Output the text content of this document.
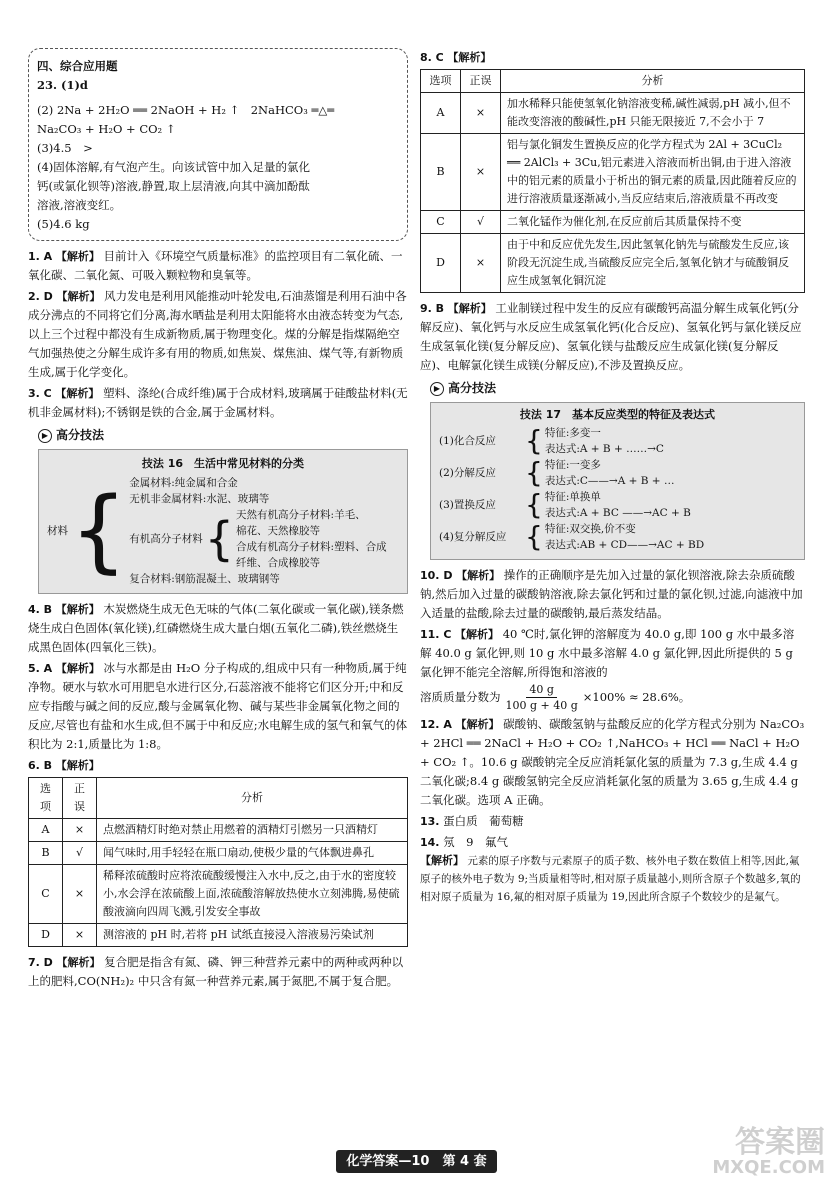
四、综合应用题

23. (1)d

(2) 2Na + 2H₂O ══ 2NaOH + H₂ ↑　2NaHCO₃ ═△═

Na₂CO₃ + H₂O + CO₂ ↑

(3)4.5　>

(4)固体溶解,有气泡产生。向该试管中加入足量的氯化

钙(或氯化钡等)溶液,静置,取上层清液,向其中滴加酚酞

溶液,溶液变红。

(5)4.6 kg

1. A 【解析】 目前计入《环境空气质量标准》的监控项目有二氧化硫、一氧化碳、二氧化氮、可吸入颗粒物和臭氧等。

2. D 【解析】 风力发电是利用风能推动叶轮发电,石油蒸馏是利用石油中各成分沸点的不同将它们分离,海水晒盐是利用太阳能将水由液态转变为气态,以上三个过程中都没有生成新物质,属于物理变化。煤的分解是指煤隔绝空气加强热使之分解生成许多有用的物质,如焦炭、煤焦油、煤气等,有新物质生成,属于化学变化。

3. C 【解析】 塑料、涤纶(合成纤维)属于合成材料,玻璃属于硅酸盐材料(无机非金属材料);不锈钢是铁的合金,属于金属材料。

▶ 高分技法
技法 16　生活中常见材料的分类
材料 { 金属材料:纯金属和合金

无机非金属材料:水泥、玻璃等

有机高分子材料 { 天然有机高分子材料:羊毛、

棉花、天然橡胶等

合成有机高分子材料:塑料、合成

纤维、合成橡胶等

复合材料:钢筋混凝土、玻璃钢等

4. B 【解析】 木炭燃烧生成无色无味的气体(二氧化碳或一氧化碳),镁条燃烧生成白色固体(氧化镁),红磷燃烧生成大量白烟(五氧化二磷),铁丝燃烧生成黑色固体(四氧化三铁)。

5. A 【解析】 冰与水都是由 H₂O 分子构成的,组成中只有一种物质,属于纯净物。硬水与软水可用肥皂水进行区分,石蕊溶液不能将它们区分开;中和反应专指酸与碱之间的反应,酸与金属氧化物、碱与某些非金属氧化物之间的反应,尽管也有盐和水生成,但不属于中和反应;水电解生成的氢气和氧气的体积比为 2:1,质量比为 1:8。

6. B 【解析】

选项	正误	分析
A	×	点燃酒精灯时绝对禁止用燃着的酒精灯引燃另一只酒精灯
B	√	闻气味时,用手轻轻在瓶口扇动,使极少量的气体飘进鼻孔
C	×	稀释浓硫酸时应将浓硫酸缓慢注入水中,反之,由于水的密度较小,水会浮在浓硫酸上面,浓硫酸溶解放热使水立刻沸腾,易使硫酸液滴向四周飞溅,引发安全事故
D	×	测溶液的 pH 时,若将 pH 试纸直接浸入溶液易污染试剂

7. D 【解析】 复合肥是指含有氮、磷、钾三种营养元素中的两种或两种以上的肥料,CO(NH₂)₂ 中只含有氮一种营养元素,属于氮肥,不属于复合肥。

8. C 【解析】

选项	正误	分析
A	×	加水稀释只能使氢氧化钠溶液变稀,碱性减弱,pH 减小,但不能改变溶液的酸碱性,pH 只能无限接近 7,不会小于 7
B	×	铝与氯化铜发生置换反应的化学方程式为 2Al + 3CuCl₂ ══ 2AlCl₃ + 3Cu,铝元素进入溶液而析出铜,由于进入溶液中的铝元素的质量小于析出的铜元素的质量,因此随着反应的进行溶液质量逐渐减小,当反应结束后,溶液质量不再改变
C	√	二氧化锰作为催化剂,在反应前后其质量保持不变
D	×	由于中和反应优先发生,因此氢氧化钠先与硫酸发生反应,该阶段无沉淀生成,当硫酸反应完全后,氢氧化钠才与硫酸铜反应生成氢氧化铜沉淀

9. B 【解析】 工业制镁过程中发生的反应有碳酸钙高温分解生成氧化钙(分解反应)、氧化钙与水反应生成氢氧化钙(化合反应)、氢氧化钙与氯化镁反应生成氢氧化镁(复分解反应)、氢氧化镁与盐酸反应生成氯化镁(复分解反应)、电解氯化镁生成镁(分解反应),不涉及置换反应。

▶ 高分技法
技法 17　基本反应类型的特征及表达式
(1)化合反应	{ 特征:多变一

表达式:A + B + ……→C

(2)分解反应	{ 特征:一变多

表达式:C——→A + B + …

(3)置换反应	{ 特征:单换单

表达式:A + BC ——→AC + B

(4)复分解反应 { 特征:双交换,价不变

表达式:AB + CD——→AC + BD

10. D 【解析】 操作的正确顺序是先加入过量的氯化钡溶液,除去杂质硫酸钠,然后加入过量的碳酸钠溶液,除去氯化钙和过量的氯化钡,过滤,向滤液中加入适量的盐酸,除去过量的碳酸钠,最后蒸发结晶。

11. C 【解析】 40 ℃时,氯化钾的溶解度为 40.0 g,即 100 g 水中最多溶解 40.0 g 氯化钾,则 10 g 水中最多溶解 4.0 g 氯化钾,因此所提供的 5 g 氯化钾不能完全溶解,所得饱和溶液的

溶质质量分数为 $\frac{40 g}{100 g + 40 g} \times 100\% \approx 28.6\%$。

12. A 【解析】 碳酸钠、碳酸氢钠与盐酸反应的化学方程式分别为 Na₂CO₃ + 2HCl ══ 2NaCl + H₂O + CO₂ ↑,NaHCO₃ + HCl ══ NaCl + H₂O + CO₂ ↑。10.6 g 碳酸钠完全反应消耗氯化氢的质量为 7.3 g,生成 4.4 g 二氧化碳;8.4 g 碳酸氢钠完全反应消耗氯化氢的质量为 3.65 g,生成 4.4 g 二氧化碳。选项 A 正确。

13. 蛋白质　葡萄糖

14. 氖　9　氟气

【解析】 元素的原子序数与元素原子的质子数、核外电子数在数值上相等,因此,氟原子的核外电子数为 9;当质量相等时,相对原子质量越小,则所含原子个数越多,氧的相对原子质量为 16,氟的相对原子质量为 19,因此所含原子个数较少的是氟气。

化学答案—10　第 4 套
答案圈
MXQE.COM
